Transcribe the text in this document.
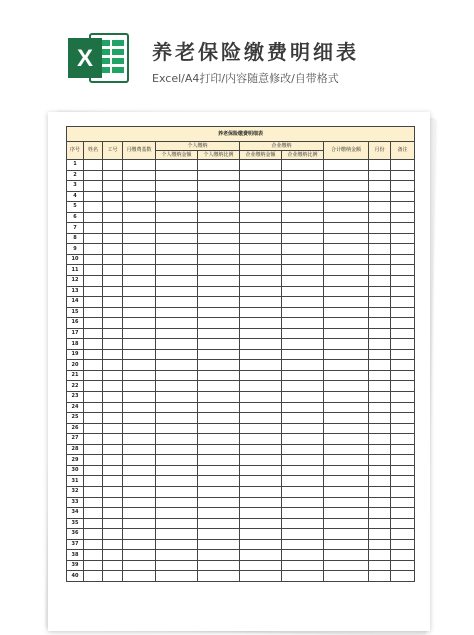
X	养老保险缴费明细表
Excel/A4打印/内容随意修改/自带格式
养老保险缴费明细表										
序号	姓名	工号	月缴费基数	个人缴纳		企业缴纳		合计缴纳金额	月份	备注
				个人缴纳金额	个人缴纳比例	企业缴纳金额	企业缴纳比例			
1										
2										
3										
4										
5										
6										
7										
8										
9										
10										
11										
12										
13										
14										
15										
16										
17										
18										
19										
20										
21										
22										
23										
24										
25										
26										
27										
28										
29										
30										
31										
32										
33										
34										
35										
36										
37										
38										
39										
40										
